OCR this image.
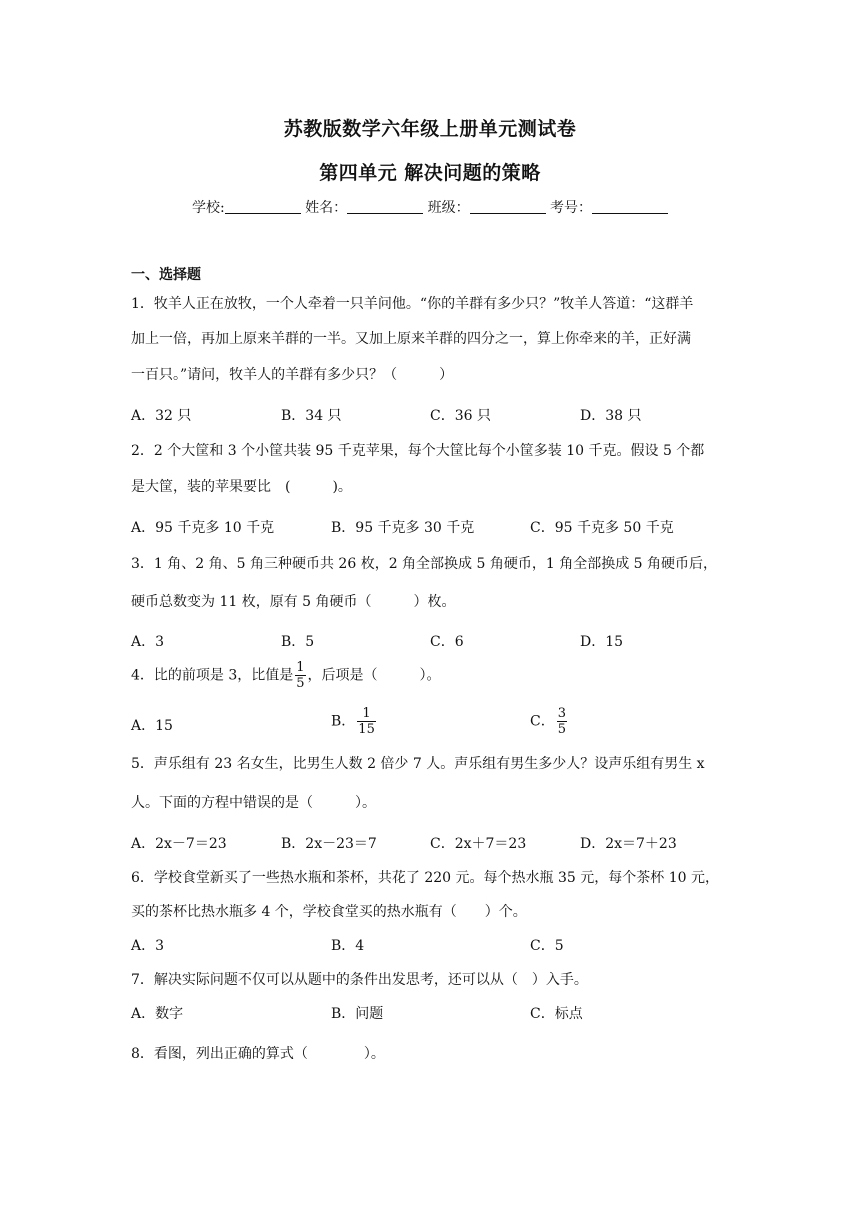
苏教版数学六年级上册单元测试卷
第四单元 解决问题的策略
学校:	姓名：	班级：	考号：
一、选择题
1．牧羊人正在放牧，一个人牵着一只羊问他。“你的羊群有多少只？”牧羊人答道：“这群羊
加上一倍，再加上原来羊群的一半。又加上原来羊群的四分之一，算上你牵来的羊，正好满
一百只。”请问，牧羊人的羊群有多少只？（　　　）
A．32 只	B．34 只	C．36 只	D．38 只
2．2 个大筐和 3 个小筐共装 95 千克苹果，每个大筐比每个小筐多装 10 千克。假设 5 个都
是大筐，装的苹果要比　(　　　)。
A．95 千克多 10 千克	B．95 千克多 30 千克	C．95 千克多 50 千克
3．1 角、2 角、5 角三种硬币共 26 枚，2 角全部换成 5 角硬币，1 角全部换成 5 角硬币后，
硬币总数变为 11 枚，原有 5 角硬币（　　　）枚。
A．3	B．5	C．6	D．15
4．比的前项是 3，比值是 $\frac{1}{5}$ ，后项是（　　　）。
A．15	B． $\frac{1}{15}$	C． $\frac{3}{5}$
5．声乐组有 23 名女生，比男生人数 2 倍少 7 人。声乐组有男生多少人？设声乐组有男生 x
人。下面的方程中错误的是（　　　）。
A．2x－7＝23	B．2x－23＝7	C．2x＋7＝23	D．2x＝7＋23
6．学校食堂新买了一些热水瓶和茶杯，共花了 220 元。每个热水瓶 35 元，每个茶杯 10 元，
买的茶杯比热水瓶多 4 个，学校食堂买的热水瓶有（　　）个。
A．3	B．4	C．5
7．解决实际问题不仅可以从题中的条件出发思考，还可以从（　）入手。
A．数字	B．问题	C．标点
8．看图，列出正确的算式（　　　　）。
